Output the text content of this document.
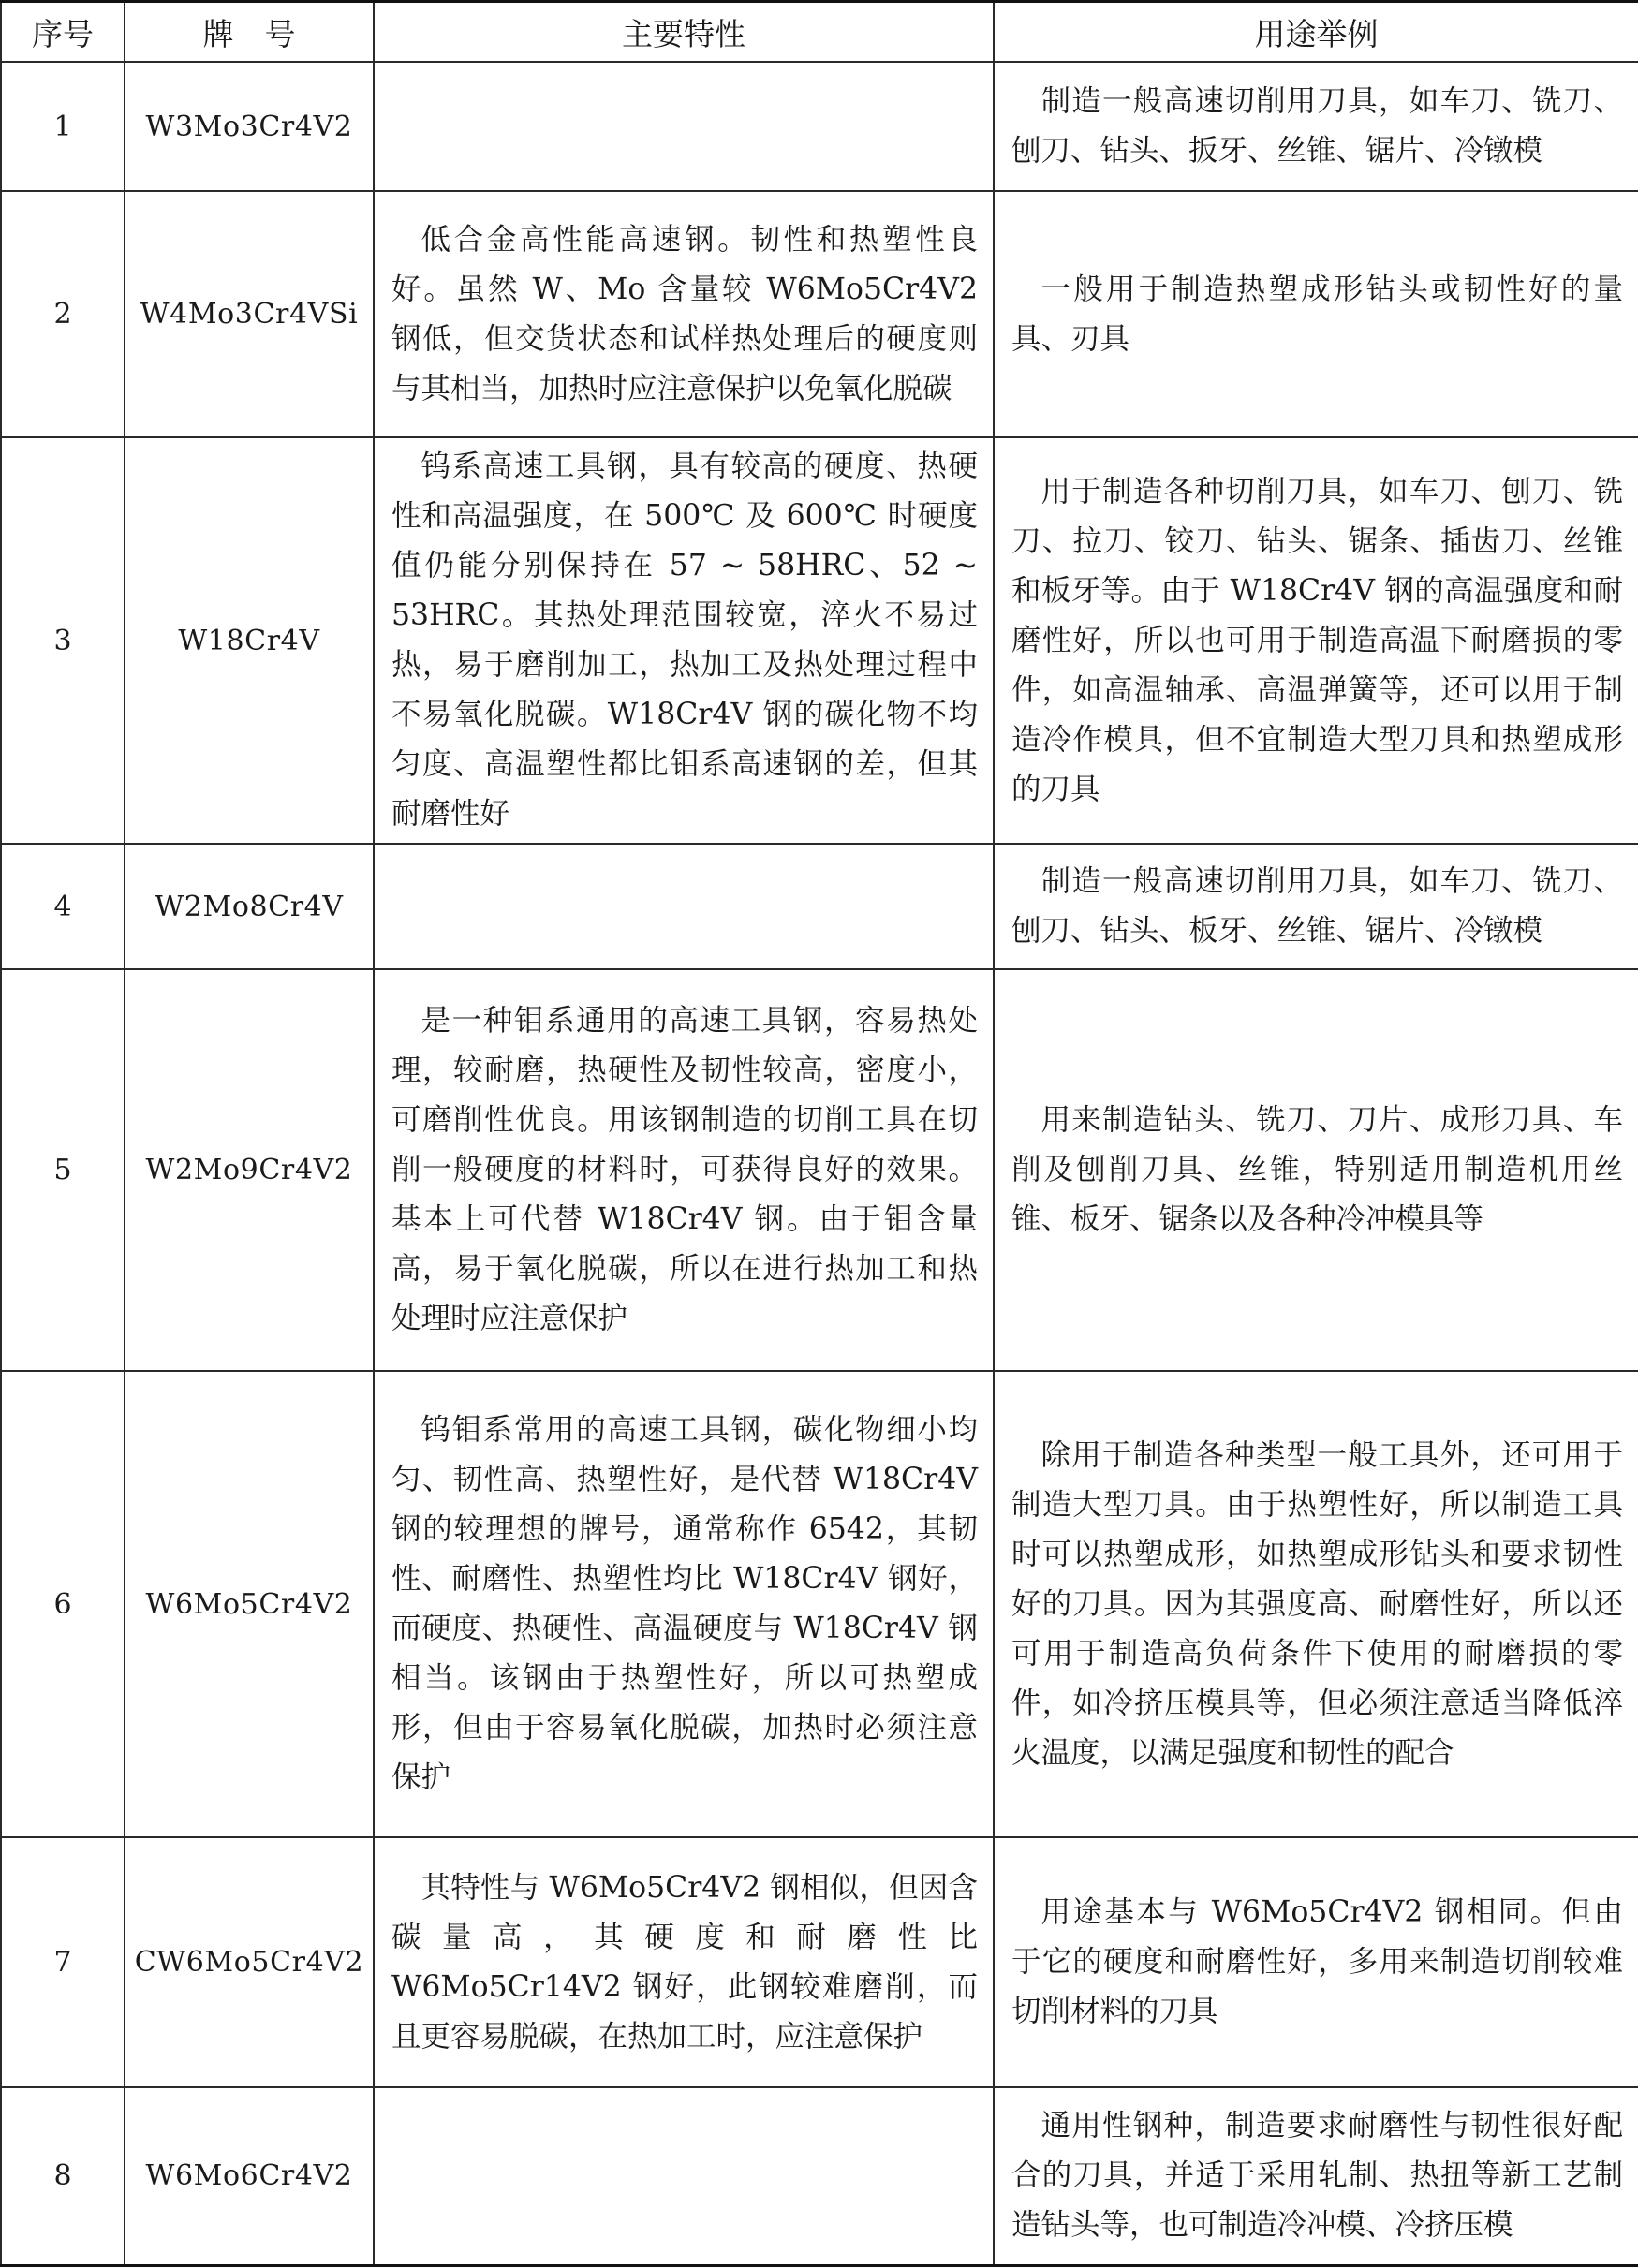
序号	牌　号	主要特性	用途举例
1	W3Mo3Cr4V2		制造一般高速切削用刀具，如车刀、铣刀、刨刀、钻头、扳牙、丝锥、锯片、冷镦模

2	W4Mo3Cr4VSi	低合金高性能高速钢。韧性和热塑性良好。虽然 W、Mo 含量较 W6Mo5Cr4V2 钢低，但交货状态和试样热处理后的硬度则与其相当，加热时应注意保护以免氧化脱碳	一般用于制造热塑成形钻头或韧性好的量具、刃具

3	W18Cr4V	钨系高速工具钢，具有较高的硬度、热硬性和高温强度，在 500℃ 及 600℃ 时硬度值仍能分别保持在 57 ~ 58HRC、52 ~ 53HRC。其热处理范围较宽，淬火不易过热，易于磨削加工，热加工及热处理过程中不易氧化脱碳。W18Cr4V 钢的碳化物不均匀度、高温塑性都比钼系高速钢的差，但其耐磨性好	用于制造各种切削刀具，如车刀、刨刀、铣刀、拉刀、铰刀、钻头、锯条、插齿刀、丝锥和板牙等。由于 W18Cr4V 钢的高温强度和耐磨性好，所以也可用于制造高温下耐磨损的零件，如高温轴承、高温弹簧等，还可以用于制造冷作模具，但不宜制造大型刀具和热塑成形的刀具

4	W2Mo8Cr4V		制造一般高速切削用刀具，如车刀、铣刀、刨刀、钻头、板牙、丝锥、锯片、冷镦模

5	W2Mo9Cr4V2	是一种钼系通用的高速工具钢，容易热处理，较耐磨，热硬性及韧性较高，密度小，可磨削性优良。用该钢制造的切削工具在切削一般硬度的材料时，可获得良好的效果。基本上可代替 W18Cr4V 钢。由于钼含量高，易于氧化脱碳，所以在进行热加工和热处理时应注意保护	用来制造钻头、铣刀、刀片、成形刀具、车削及刨削刀具、丝锥，特别适用制造机用丝锥、板牙、锯条以及各种冷冲模具等

6	W6Mo5Cr4V2	钨钼系常用的高速工具钢，碳化物细小均匀、韧性高、热塑性好，是代替 W18Cr4V 钢的较理想的牌号，通常称作 6542，其韧性、耐磨性、热塑性均比 W18Cr4V 钢好，而硬度、热硬性、高温硬度与 W18Cr4V 钢相当。该钢由于热塑性好，所以可热塑成形，但由于容易氧化脱碳，加热时必须注意保护	除用于制造各种类型一般工具外，还可用于制造大型刀具。由于热塑性好，所以制造工具时可以热塑成形，如热塑成形钻头和要求韧性好的刀具。因为其强度高、耐磨性好，所以还可用于制造高负荷条件下使用的耐磨损的零件，如冷挤压模具等，但必须注意适当降低淬火温度，以满足强度和韧性的配合

7	CW6Mo5Cr4V2	其特性与 W6Mo5Cr4V2 钢相似，但因含碳量高，其硬度和耐磨性比 W6Mo5Cr14V2 钢好，此钢较难磨削，而且更容易脱碳，在热加工时，应注意保护	用途基本与 W6Mo5Cr4V2 钢相同。但由于它的硬度和耐磨性好，多用来制造切削较难切削材料的刀具

8	W6Mo6Cr4V2		通用性钢种，制造要求耐磨性与韧性很好配合的刀具，并适于采用轧制、热扭等新工艺制造钻头等，也可制造冷冲模、冷挤压模
